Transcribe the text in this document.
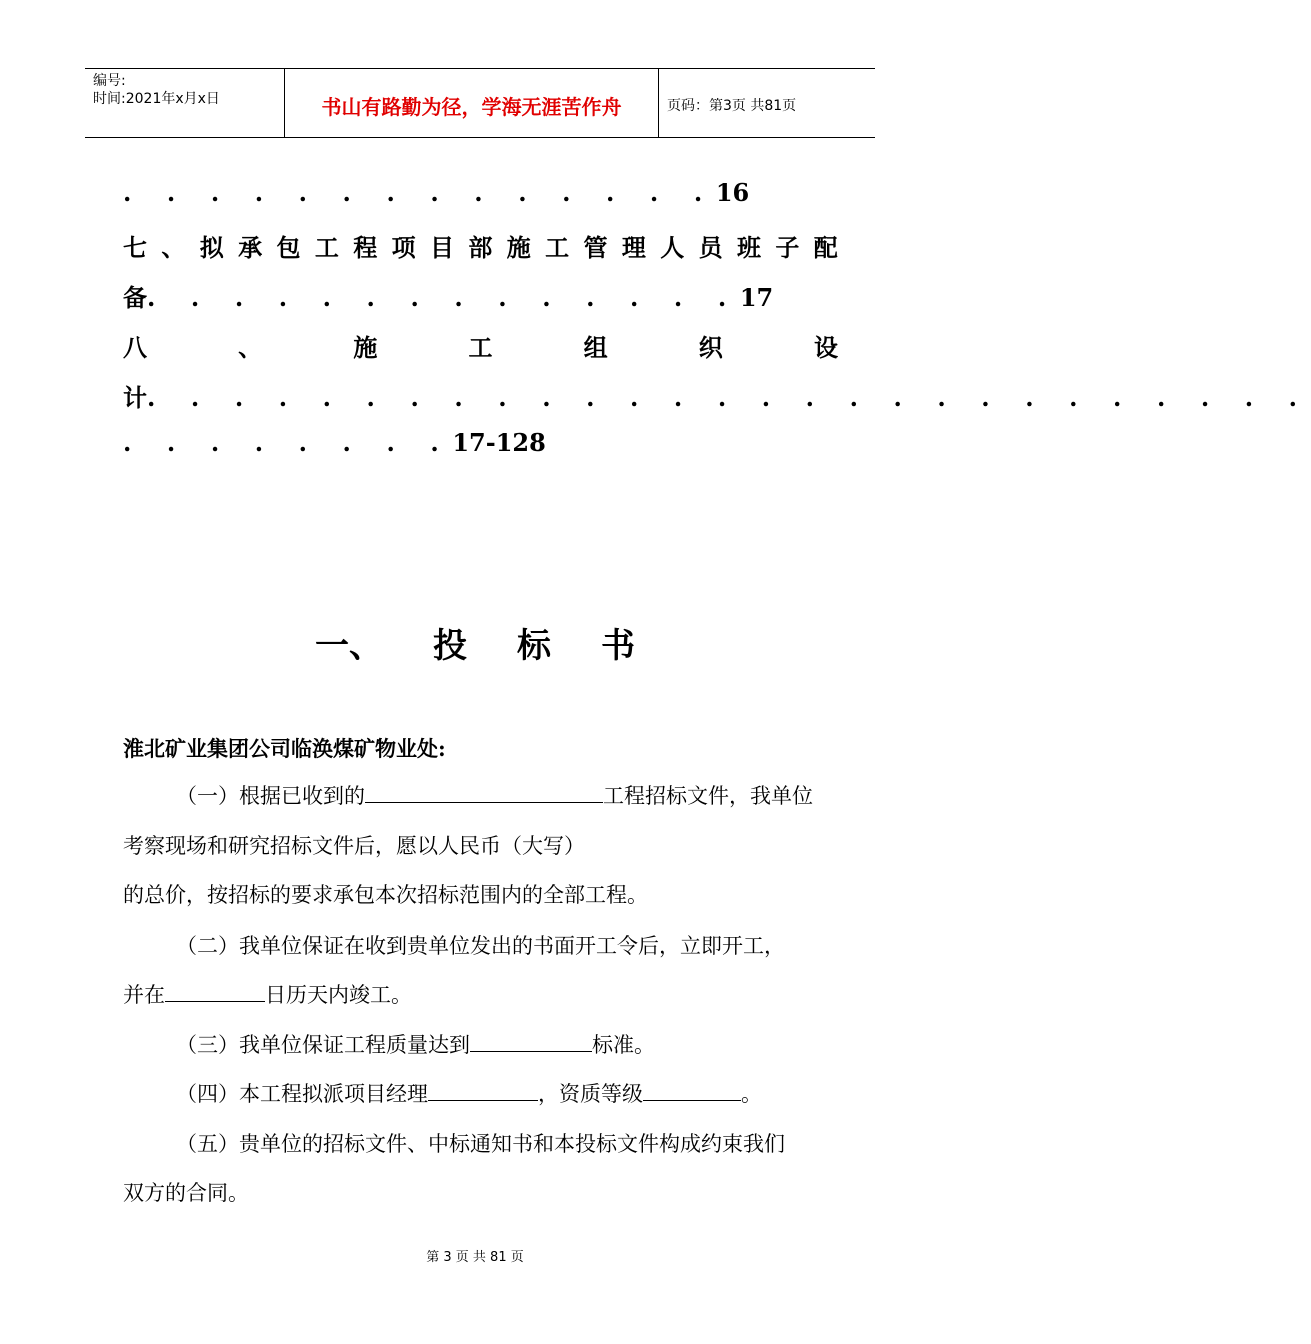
编号:
时间:2021年x月x日	书山有路勤为径，学海无涯苦作舟	页码：第3页 共81页
. . . . . . . . . . . . . .16
七 、 拟 承 包 工 程 项 目 部 施 工 管 理 人 员 班 子 配
备. . . . . . . . . . . . . .17
八	、	施	工	组	织	设
计. . . . . . . . . . . . . . . . . . . . . . . . . . .
. . . . . . . .17-128
一、 投 标 书
淮北矿业集团公司临涣煤矿物业处:
（一）根据已收到的	工程招标文件，我单位
考察现场和研究招标文件后，愿以人民币（大写）
的总价，按招标的要求承包本次招标范围内的全部工程。
（二）我单位保证在收到贵单位发出的书面开工令后，立即开工，
并在	日历天内竣工。
（三）我单位保证工程质量达到	标准。
（四）本工程拟派项目经理	，资质等级	。
（五）贵单位的招标文件、中标通知书和本投标文件构成约束我们
双方的合同。
第 3 页 共 81 页
